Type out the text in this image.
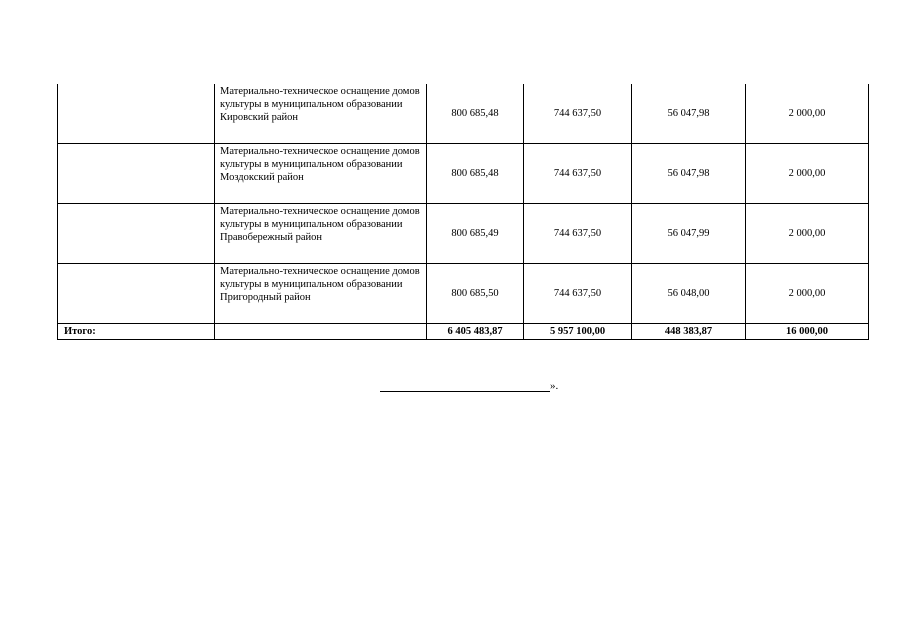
	Материально-техническое оснащение домов культуры в муниципальном образовании Кировский район	800 685,48	744 637,50	56 047,98	2 000,00
	Материально-техническое оснащение домов культуры в муниципальном образовании Моздокский район	800 685,48	744 637,50	56 047,98	2 000,00
	Материально-техническое оснащение домов культуры в муниципальном образовании Правобережный район	800 685,49	744 637,50	56 047,99	2 000,00
	Материально-техническое оснащение домов культуры в муниципальном образовании Пригородный район	800 685,50	744 637,50	56 048,00	2 000,00
Итого:		6 405 483,87	5 957 100,00	448 383,87	16 000,00
».
